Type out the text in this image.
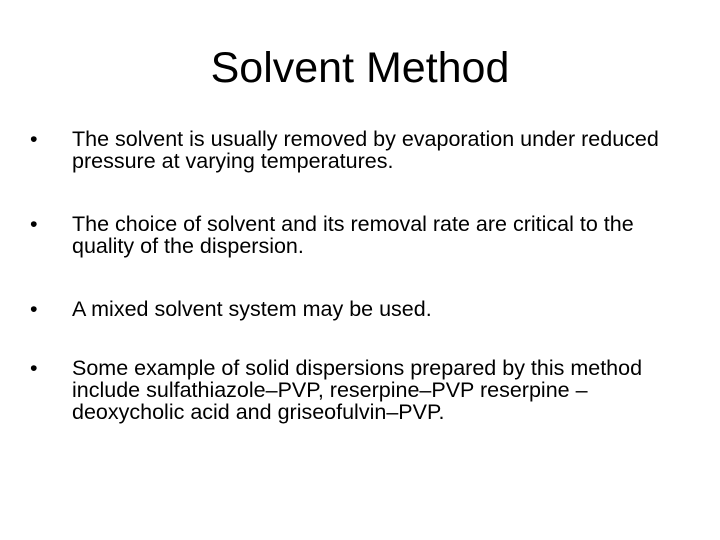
Solvent Method
•	The solvent is usually removed by evaporation under reduced pressure at varying temperatures.
•	The choice of solvent and its removal rate are critical to the quality of the dispersion.
•	A mixed solvent system may be used.
•	Some example of solid dispersions prepared by this method include sulfathiazole–PVP, reserpine–PVP reserpine – deoxycholic acid and griseofulvin–PVP.
